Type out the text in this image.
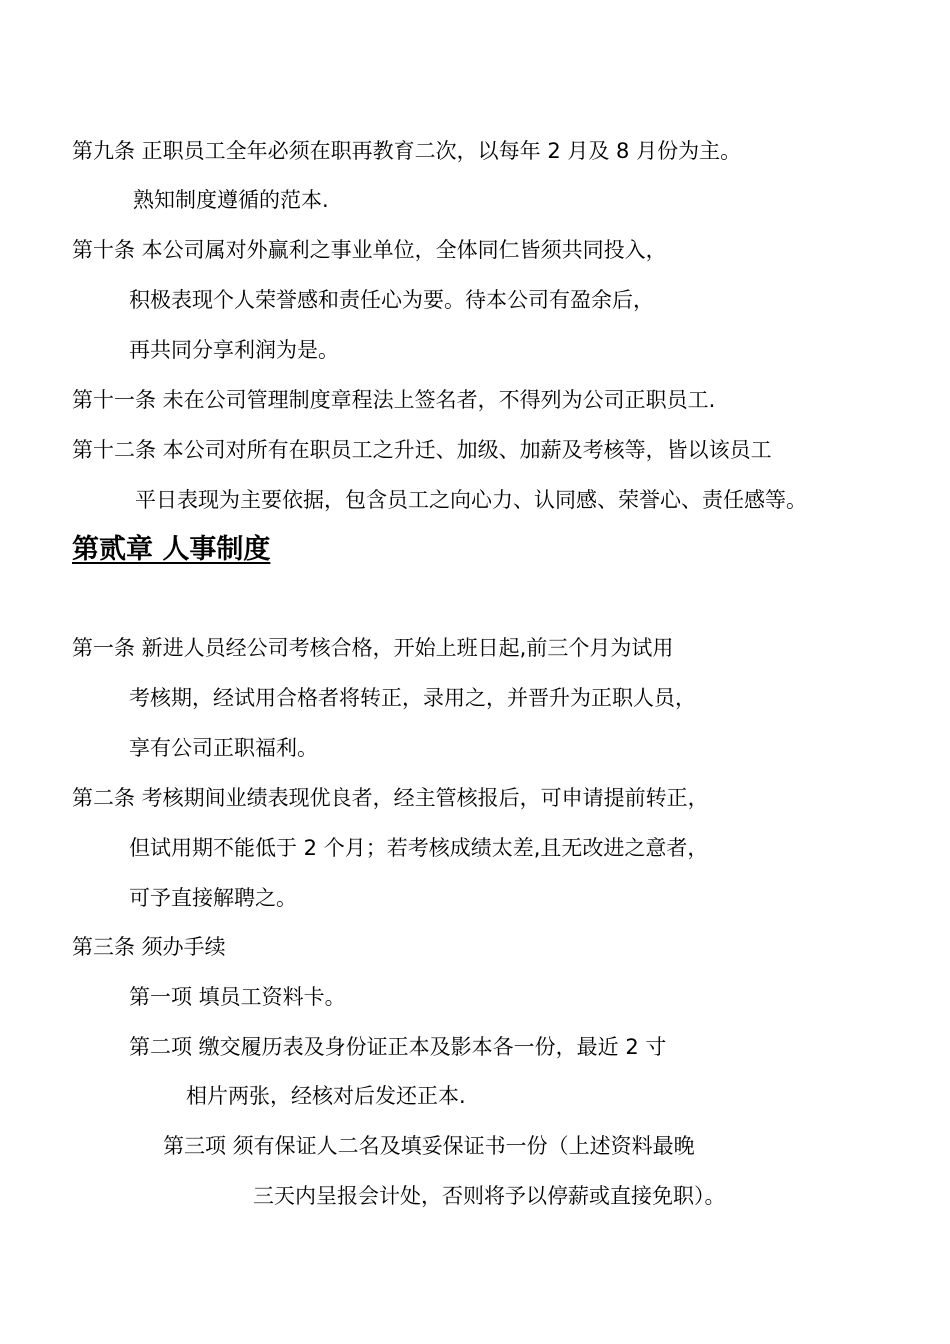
第九条 正职员工全年必须在职再教育二次，以每年 2 月及 8 月份为主。
熟知制度遵循的范本.
第十条 本公司属对外赢利之事业单位，全体同仁皆须共同投入，
积极表现个人荣誉感和责任心为要。待本公司有盈余后，
再共同分享利润为是。
第十一条 未在公司管理制度章程法上签名者，不得列为公司正职员工.
第十二条 本公司对所有在职员工之升迁、加级、加薪及考核等，皆以该员工
平日表现为主要依据，包含员工之向心力、认同感、荣誉心、责任感等。
第贰章 人事制度
第一条 新进人员经公司考核合格，开始上班日起,前三个月为试用
考核期，经试用合格者将转正，录用之，并晋升为正职人员，
享有公司正职福利。
第二条 考核期间业绩表现优良者，经主管核报后，可申请提前转正，
但试用期不能低于 2 个月；若考核成绩太差,且无改进之意者，
可予直接解聘之。
第三条 须办手续
第一项 填员工资料卡。
第二项 缴交履历表及身份证正本及影本各一份，最近 2 寸
相片两张，经核对后发还正本.
第三项 须有保证人二名及填妥保证书一份（上述资料最晚
三天内呈报会计处，否则将予以停薪或直接免职）。
